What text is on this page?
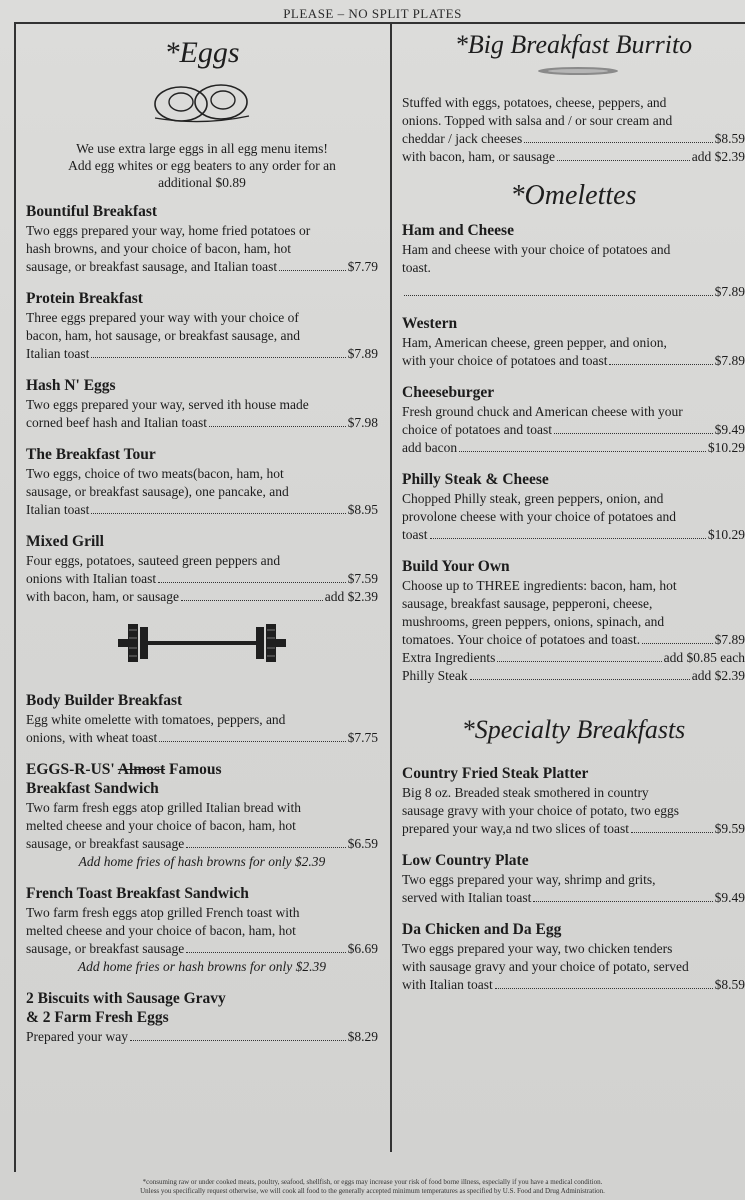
PLEASE – NO SPLIT PLATES
*Eggs
We use extra large eggs in all egg menu items!
Add egg whites or egg beaters to any order for an
additional $0.89
Bountiful Breakfast
Two eggs prepared your way, home fried potatoes or
hash browns, and your choice of bacon, ham, hot
sausage, or breakfast sausage, and Italian toast	$7.79
Protein Breakfast
Three eggs prepared your way with your choice of
bacon, ham, hot sausage, or breakfast sausage, and
Italian toast	$7.89
Hash N' Eggs
Two eggs prepared your way, served ith house made
corned beef hash and Italian toast	$7.98
The Breakfast Tour
Two eggs, choice of two meats(bacon, ham, hot
sausage, or breakfast sausage), one pancake, and
Italian toast	$8.95
Mixed Grill
Four eggs, potatoes, sauteed green peppers and
onions with Italian toast	$7.59
with bacon, ham, or sausage	add $2.39
Body Builder Breakfast
Egg white omelette with tomatoes, peppers, and
onions, with wheat toast	$7.75
EGGS-R-US' Almost Famous
Breakfast Sandwich
Two farm fresh eggs atop grilled Italian bread with
melted cheese and your choice of bacon, ham, hot
sausage, or breakfast sausage	$6.59
Add home fries of hash browns for only $2.39
French Toast Breakfast Sandwich
Two farm fresh eggs atop grilled French toast with
melted cheese and your choice of bacon, ham, hot
sausage, or breakfast sausage	$6.69
Add home fries or hash browns for only $2.39
2 Biscuits with Sausage Gravy
& 2 Farm Fresh Eggs
Prepared your way	$8.29
*Big Breakfast Burrito
Stuffed with eggs, potatoes, cheese, peppers, and
onions. Topped with salsa and / or sour cream and
cheddar / jack cheeses	$8.59
with bacon, ham, or sausage	add $2.39
*Omelettes
Ham and Cheese
Ham and cheese with your choice of potatoes and
toast.
$7.89
Western
Ham, American cheese, green pepper, and onion,
with your choice of potatoes and toast	$7.89
Cheeseburger
Fresh ground chuck and American cheese with your
choice of potatoes and toast	$9.49
add bacon	$10.29
Philly Steak & Cheese
Chopped Philly steak, green peppers, onion, and
provolone cheese with your choice of potatoes and
toast	$10.29
Build Your Own
Choose up to THREE ingredients: bacon, ham, hot
sausage, breakfast sausage, pepperoni, cheese,
mushrooms, green peppers, onions, spinach, and
tomatoes. Your choice of potatoes and toast.	$7.89
Extra Ingredients	add $0.85 each
Philly Steak	add $2.39
*Specialty Breakfasts
Country Fried Steak Platter
Big 8 oz. Breaded steak smothered in country
sausage gravy with your choice of potato, two eggs
prepared your way,a nd two slices of toast	$9.59
Low Country Plate
Two eggs prepared your way, shrimp and grits,
served with Italian toast	$9.49
Da Chicken and Da Egg
Two eggs prepared your way, two chicken tenders
with sausage gravy and your choice of potato, served
with Italian toast	$8.59
*consuming raw or under cooked meats, poultry, seafood, shellfish, or eggs may increase your risk of food borne illness, especially if you have a medical condition.
Unless you specifically request otherwise, we will cook all food to the generally accepted minimum temperatures as specified by U.S. Food and Drug Administration.
